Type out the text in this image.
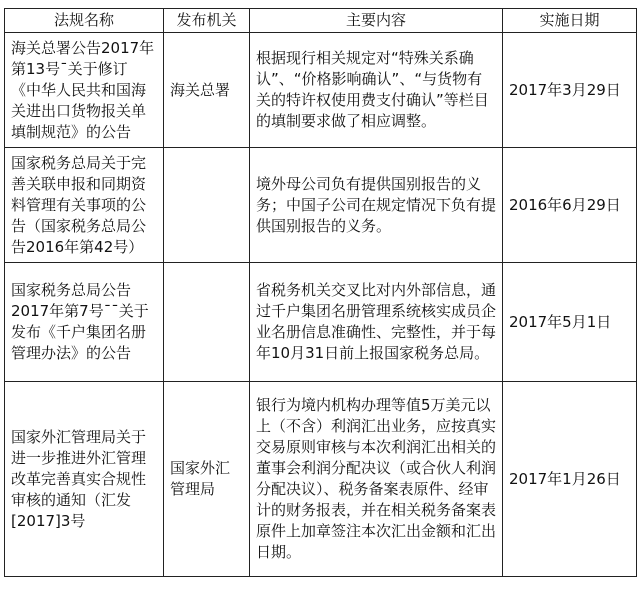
法规名称	发布机关	主要内容	实施日期
海关总署公告2017年第13号¯关于修订《中华人民共和国海关进出口货物报关单填制规范》的公告	海关总署	根据现行相关规定对“特殊关系确认”、“价格影响确认”、“与货物有关的特许权使用费支付确认”等栏目的填制要求做了相应调整。	2017年3月29日
国家税务总局关于完善关联申报和同期资料管理有关事项的公告（国家税务总局公告2016年第42号）		境外母公司负有提供国别报告的义务；中国子公司在规定情况下负有提供国别报告的义务。	2016年6月29日
国家税务总局公告2017年第7号¯¯关于发布《千户集团名册管理办法》的公告		省税务机关交叉比对内外部信息，通过千户集团名册管理系统核实成员企业名册信息准确性、完整性，并于每年10月31日前上报国家税务总局。	2017年5月1日
国家外汇管理局关于进一步推进外汇管理改革完善真实合规性审核的通知（汇发[2017]3号	国家外汇管理局	银行为境内机构办理等值5万美元以上（不含）利润汇出业务，应按真实交易原则审核与本次利润汇出相关的董事会利润分配决议（或合伙人利润分配决议）、税务备案表原件、经审计的财务报表，并在相关税务备案表原件上加章签注本次汇出金额和汇出日期。	2017年1月26日
